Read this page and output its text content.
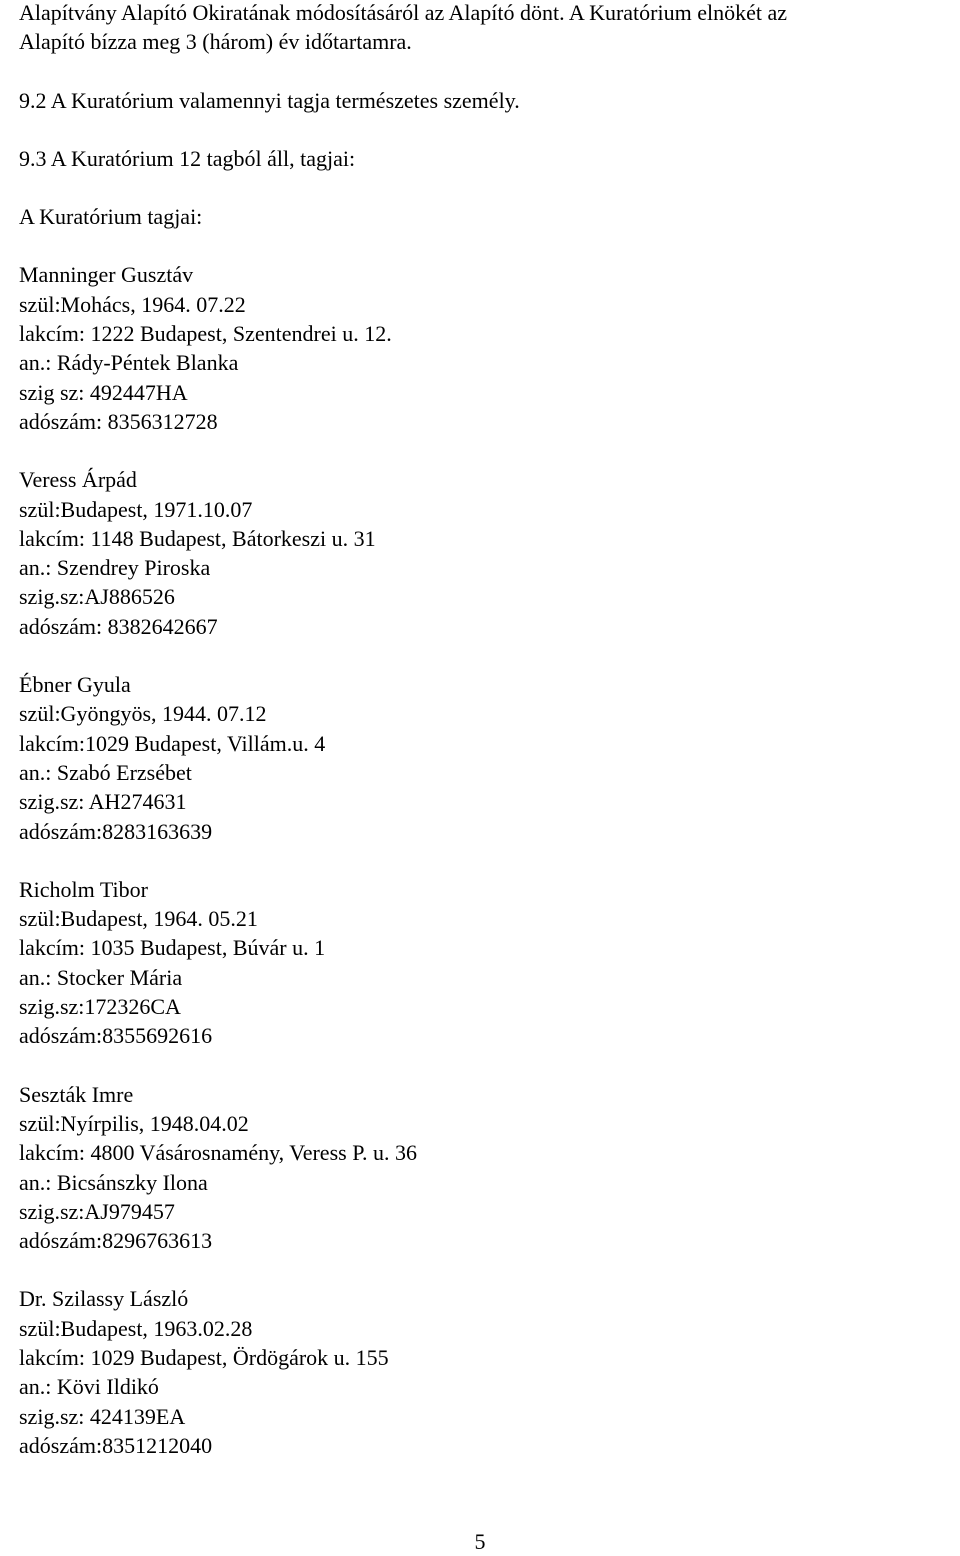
Alapítvány Alapító Okiratának módosításáról az Alapító dönt. A Kuratórium elnökét az

Alapító bízza meg 3 (három) év időtartamra.

9.2 A Kuratórium valamennyi tagja természetes személy.

9.3 A Kuratórium 12 tagból áll, tagjai:

A Kuratórium tagjai:

Manninger Gusztáv

szül:Mohács, 1964. 07.22

lakcím: 1222 Budapest, Szentendrei u. 12.

an.: Rády-Péntek Blanka

szig sz: 492447HA

adószám: 8356312728

Veress Árpád

szül:Budapest, 1971.10.07

lakcím: 1148 Budapest, Bátorkeszi u. 31

an.: Szendrey Piroska

szig.sz:AJ886526

adószám: 8382642667

Ébner Gyula

szül:Gyöngyös, 1944. 07.12

lakcím:1029 Budapest, Villám.u. 4

an.: Szabó Erzsébet

szig.sz: AH274631

adószám:8283163639

Richolm Tibor

szül:Budapest, 1964. 05.21

lakcím: 1035 Budapest, Búvár u. 1

an.: Stocker Mária

szig.sz:172326CA

adószám:8355692616

Seszták Imre

szül:Nyírpilis, 1948.04.02

lakcím: 4800 Vásárosnamény, Veress P. u. 36

an.: Bicsánszky Ilona

szig.sz:AJ979457

adószám:8296763613

Dr. Szilassy László

szül:Budapest, 1963.02.28

lakcím: 1029 Budapest, Ördögárok u. 155

an.: Kövi Ildikó

szig.sz: 424139EA

adószám:8351212040

5
